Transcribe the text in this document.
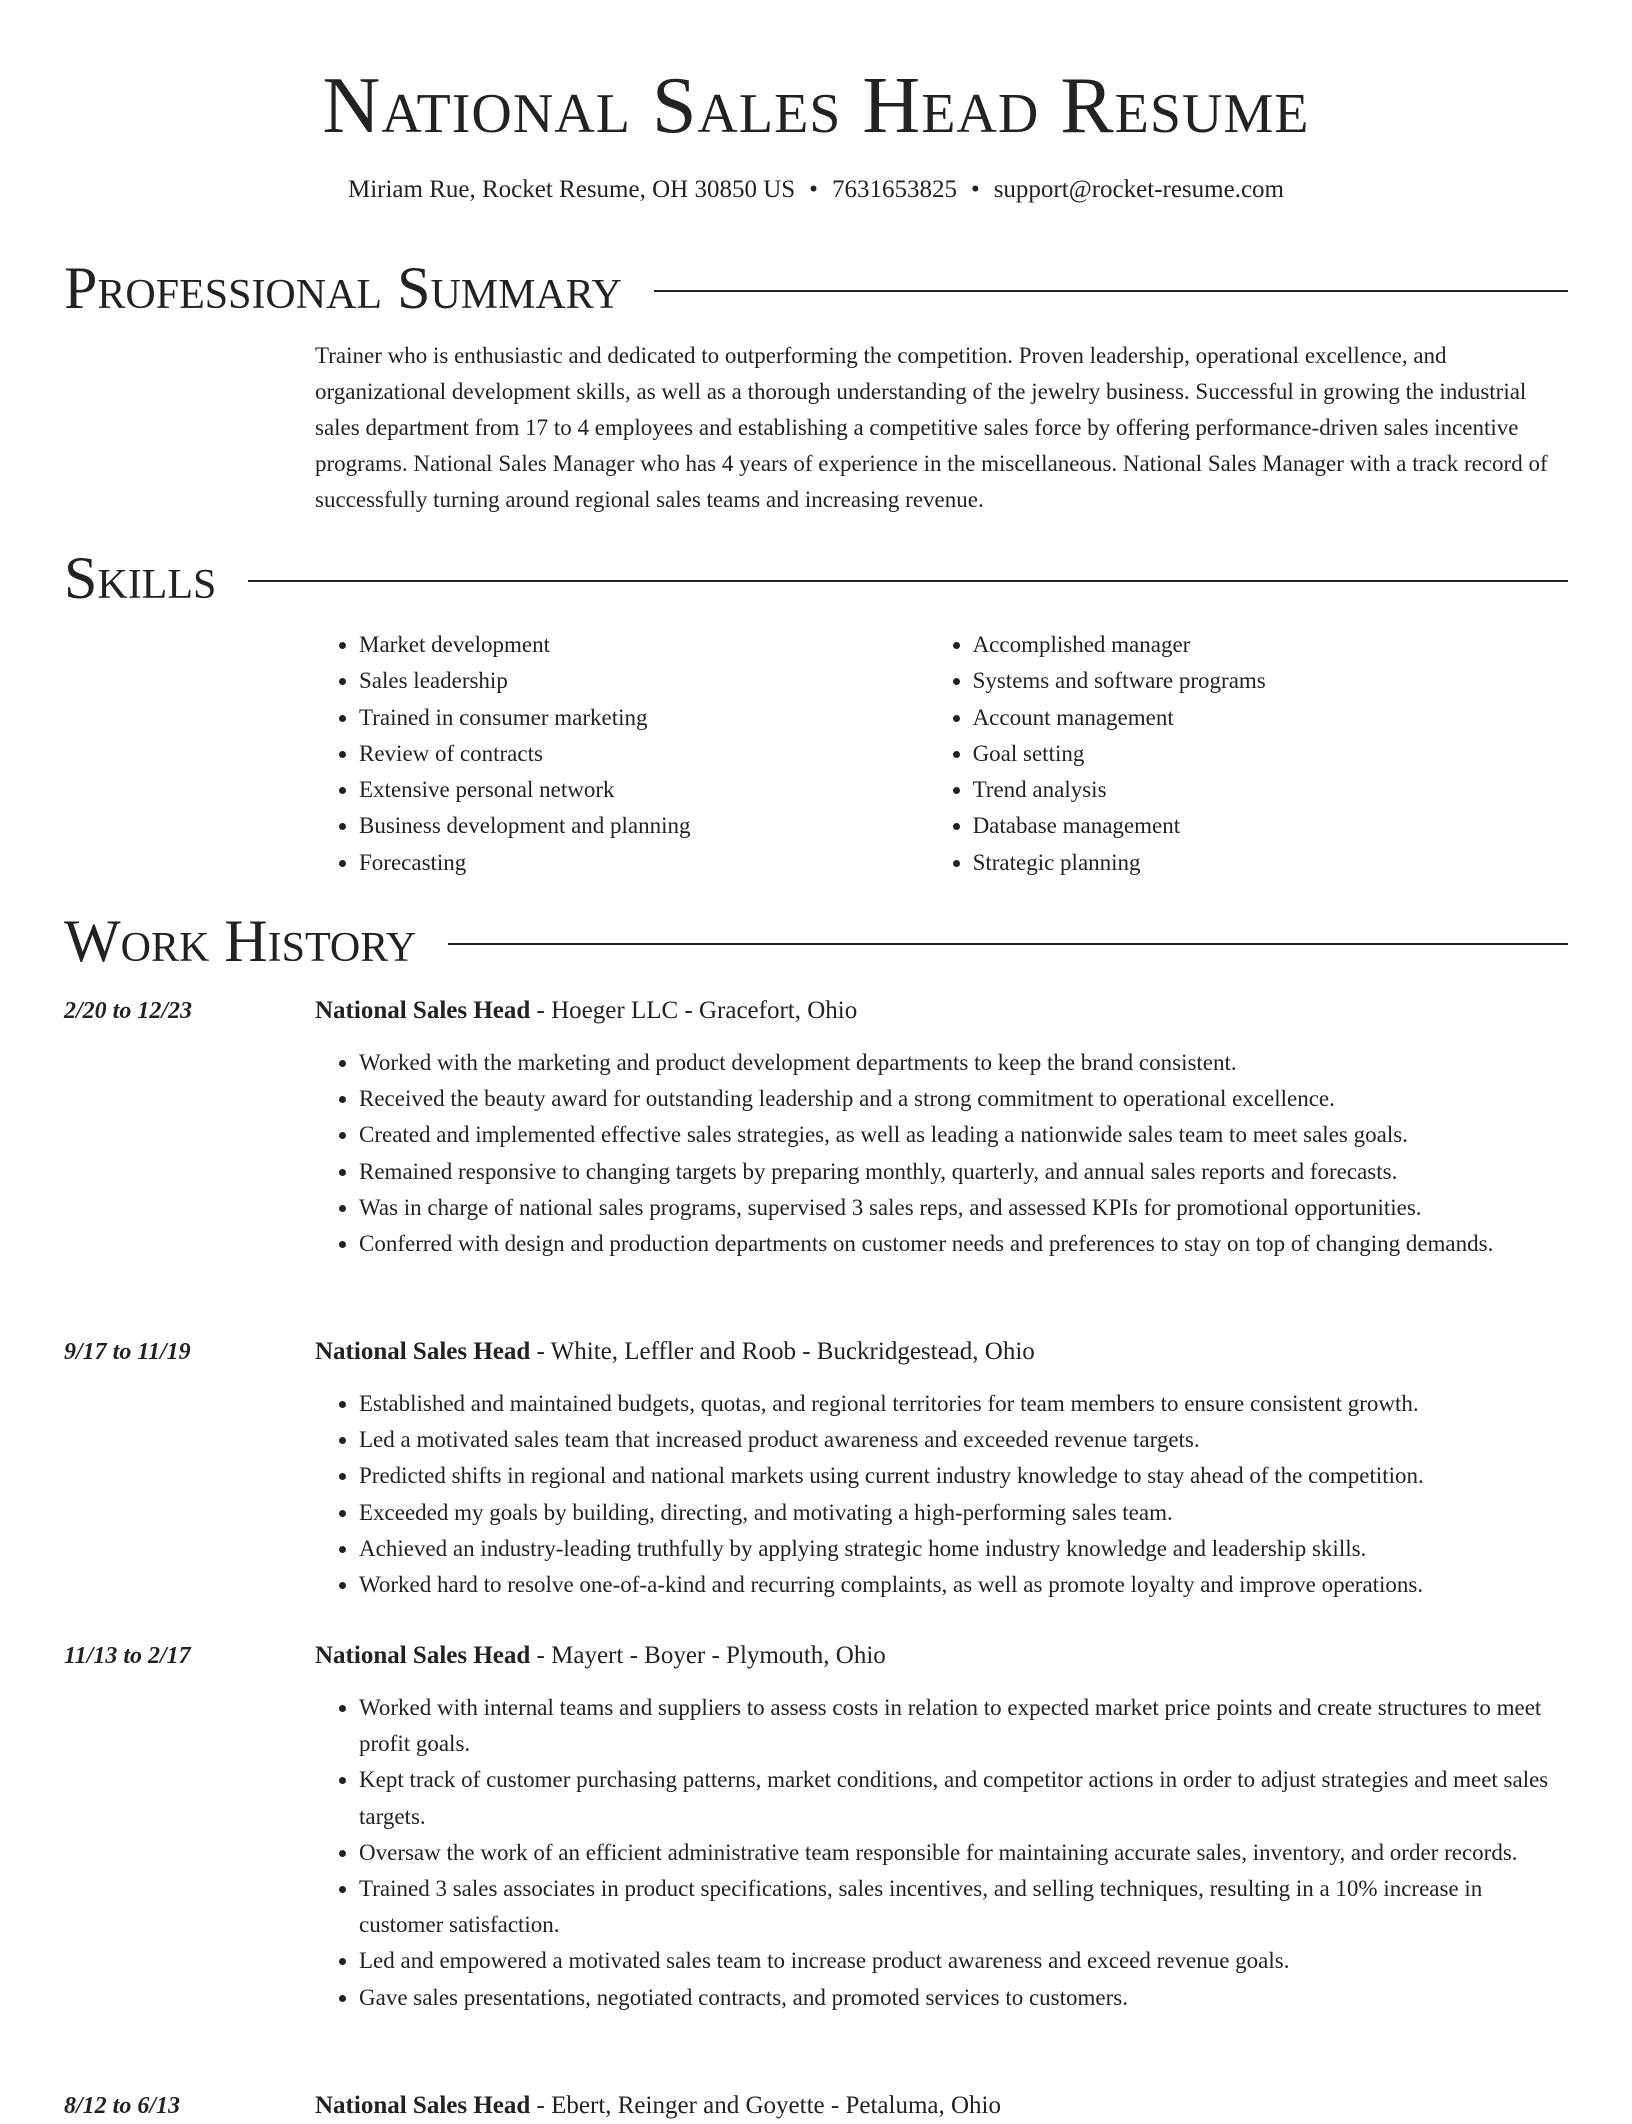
National Sales Head Resume
Miriam Rue, Rocket Resume, OH 30850 US • 7631653825 • support@rocket-resume.com
Professional Summary
Trainer who is enthusiastic and dedicated to outperforming the competition. Proven leadership, operational excellence, and organizational development skills, as well as a thorough understanding of the jewelry business. Successful in growing the industrial sales department from 17 to 4 employees and establishing a competitive sales force by offering performance-driven sales incentive programs. National Sales Manager who has 4 years of experience in the miscellaneous. National Sales Manager with a track record of successfully turning around regional sales teams and increasing revenue.
Skills
• Market development
• Sales leadership
• Trained in consumer marketing
• Review of contracts
• Extensive personal network
• Business development and planning
• Forecasting
• Accomplished manager
• Systems and software programs
• Account management
• Goal setting
• Trend analysis
• Database management
• Strategic planning
Work History
2/20 to 12/23	National Sales Head - Hoeger LLC - Gracefort, Ohio
• Worked with the marketing and product development departments to keep the brand consistent.
• Received the beauty award for outstanding leadership and a strong commitment to operational excellence.
• Created and implemented effective sales strategies, as well as leading a nationwide sales team to meet sales goals.
• Remained responsive to changing targets by preparing monthly, quarterly, and annual sales reports and forecasts.
• Was in charge of national sales programs, supervised 3 sales reps, and assessed KPIs for promotional opportunities.
• Conferred with design and production departments on customer needs and preferences to stay on top of changing demands.
9/17 to 11/19	National Sales Head - White, Leffler and Roob - Buckridgestead, Ohio
• Established and maintained budgets, quotas, and regional territories for team members to ensure consistent growth.
• Led a motivated sales team that increased product awareness and exceeded revenue targets.
• Predicted shifts in regional and national markets using current industry knowledge to stay ahead of the competition.
• Exceeded my goals by building, directing, and motivating a high-performing sales team.
• Achieved an industry-leading truthfully by applying strategic home industry knowledge and leadership skills.
• Worked hard to resolve one-of-a-kind and recurring complaints, as well as promote loyalty and improve operations.
11/13 to 2/17	National Sales Head - Mayert - Boyer - Plymouth, Ohio
• Worked with internal teams and suppliers to assess costs in relation to expected market price points and create structures to meet profit goals.
• Kept track of customer purchasing patterns, market conditions, and competitor actions in order to adjust strategies and meet sales targets.
• Oversaw the work of an efficient administrative team responsible for maintaining accurate sales, inventory, and order records.
• Trained 3 sales associates in product specifications, sales incentives, and selling techniques, resulting in a 10% increase in customer satisfaction.
• Led and empowered a motivated sales team to increase product awareness and exceed revenue goals.
• Gave sales presentations, negotiated contracts, and promoted services to customers.
8/12 to 6/13	National Sales Head - Ebert, Reinger and Goyette - Petaluma, Ohio
